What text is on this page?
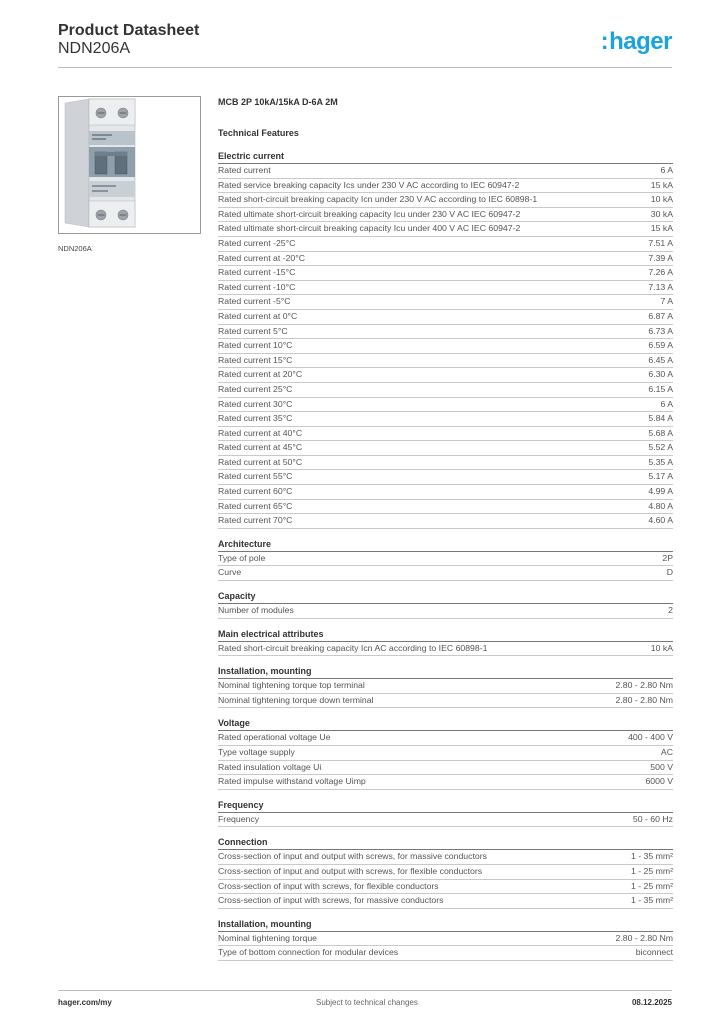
Product Datasheet
NDN206A	:hager
NDN206A
MCB 2P 10kA/15kA D-6A 2M
Technical Features
Electric current
Rated current	6 A
Rated service breaking capacity Ics under 230 V AC according to IEC 60947-2	15 kA
Rated short-circuit breaking capacity Icn under 230 V AC according to IEC 60898-1	10 kA
Rated ultimate short-circuit breaking capacity Icu under 230 V AC IEC 60947-2	30 kA
Rated ultimate short-circuit breaking capacity Icu under 400 V AC IEC 60947-2	15 kA
Rated current -25°C	7.51 A
Rated current at -20°C	7.39 A
Rated current -15°C	7.26 A
Rated current -10°C	7.13 A
Rated current -5°C	7 A
Rated current at 0°C	6.87 A
Rated current 5°C	6.73 A
Rated current 10°C	6.59 A
Rated current 15°C	6.45 A
Rated current at 20°C	6.30 A
Rated current 25°C	6.15 A
Rated current 30°C	6 A
Rated current 35°C	5.84 A
Rated current at 40°C	5.68 A
Rated current at 45°C	5.52 A
Rated current at 50°C	5.35 A
Rated current 55°C	5.17 A
Rated current 60°C	4.99 A
Rated current 65°C	4.80 A
Rated current 70°C	4.60 A
Architecture
Type of pole	2P
Curve	D
Capacity
Number of modules	2
Main electrical attributes
Rated short-circuit breaking capacity Icn AC according to IEC 60898-1	10 kA
Installation, mounting
Nominal tightening torque top terminal	2.80 - 2.80 Nm
Nominal tightening torque down terminal	2.80 - 2.80 Nm
Voltage
Rated operational voltage Ue	400 - 400 V
Type voltage supply	AC
Rated insulation voltage Ui	500 V
Rated impulse withstand voltage Uimp	6000 V
Frequency
Frequency	50 - 60 Hz
Connection
Cross-section of input and output with screws, for massive conductors	1 - 35 mm²
Cross-section of input and output with screws, for flexible conductors	1 - 25 mm²
Cross-section of input with screws, for flexible conductors	1 - 25 mm²
Cross-section of input with screws, for massive conductors	1 - 35 mm²
Installation, mounting
Nominal tightening torque	2.80 - 2.80 Nm
Type of bottom connection for modular devices	biconnect
hager.com/my	Subject to technical changes	08.12.2025
